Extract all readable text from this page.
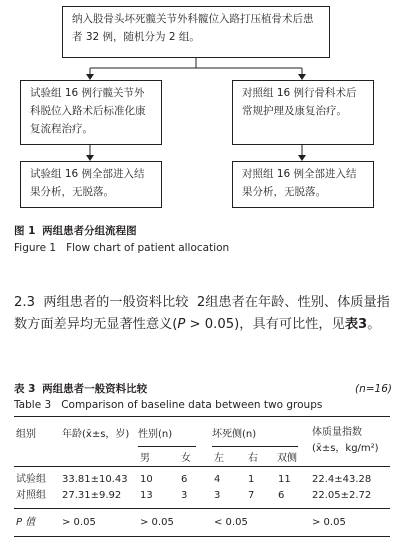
纳入股骨头坏死髋关节外科髋位入路打压植骨术后患者 32 例，随机分为 2 组。
试验组 16 例行髋关节外科脱位入路术后标准化康复流程治疗。
对照组 16 例行骨科术后常规护理及康复治疗。
试验组 16 例全部进入结果分析，无脱落。
对照组 16 例全部进入结果分析，无脱落。
图 1 两组患者分组流程图
Figure 1 Flow chart of patient allocation
2.3 两组患者的一般资料比较 2组患者在年龄、性别、体质量指数方面差异均无显著性意义(P > 0.05)，具有可比性，见表3。
表 3 两组患者一般资料比较	(n=16)
Table 3 Comparison of baseline data between two groups
组别	年龄(x̄±s，岁) 性别(n)	坏死侧(n)	体质量指数
(x̄±s，kg/m²)
男	女 左 右 双侧
试验组 33.81±10.43 10	6	4	1 11 22.4±43.28
对照组 27.31±9.92 13	3	3	7 6	22.05±2.72
P 值	> 0.05	> 0.05	< 0.05	> 0.05
